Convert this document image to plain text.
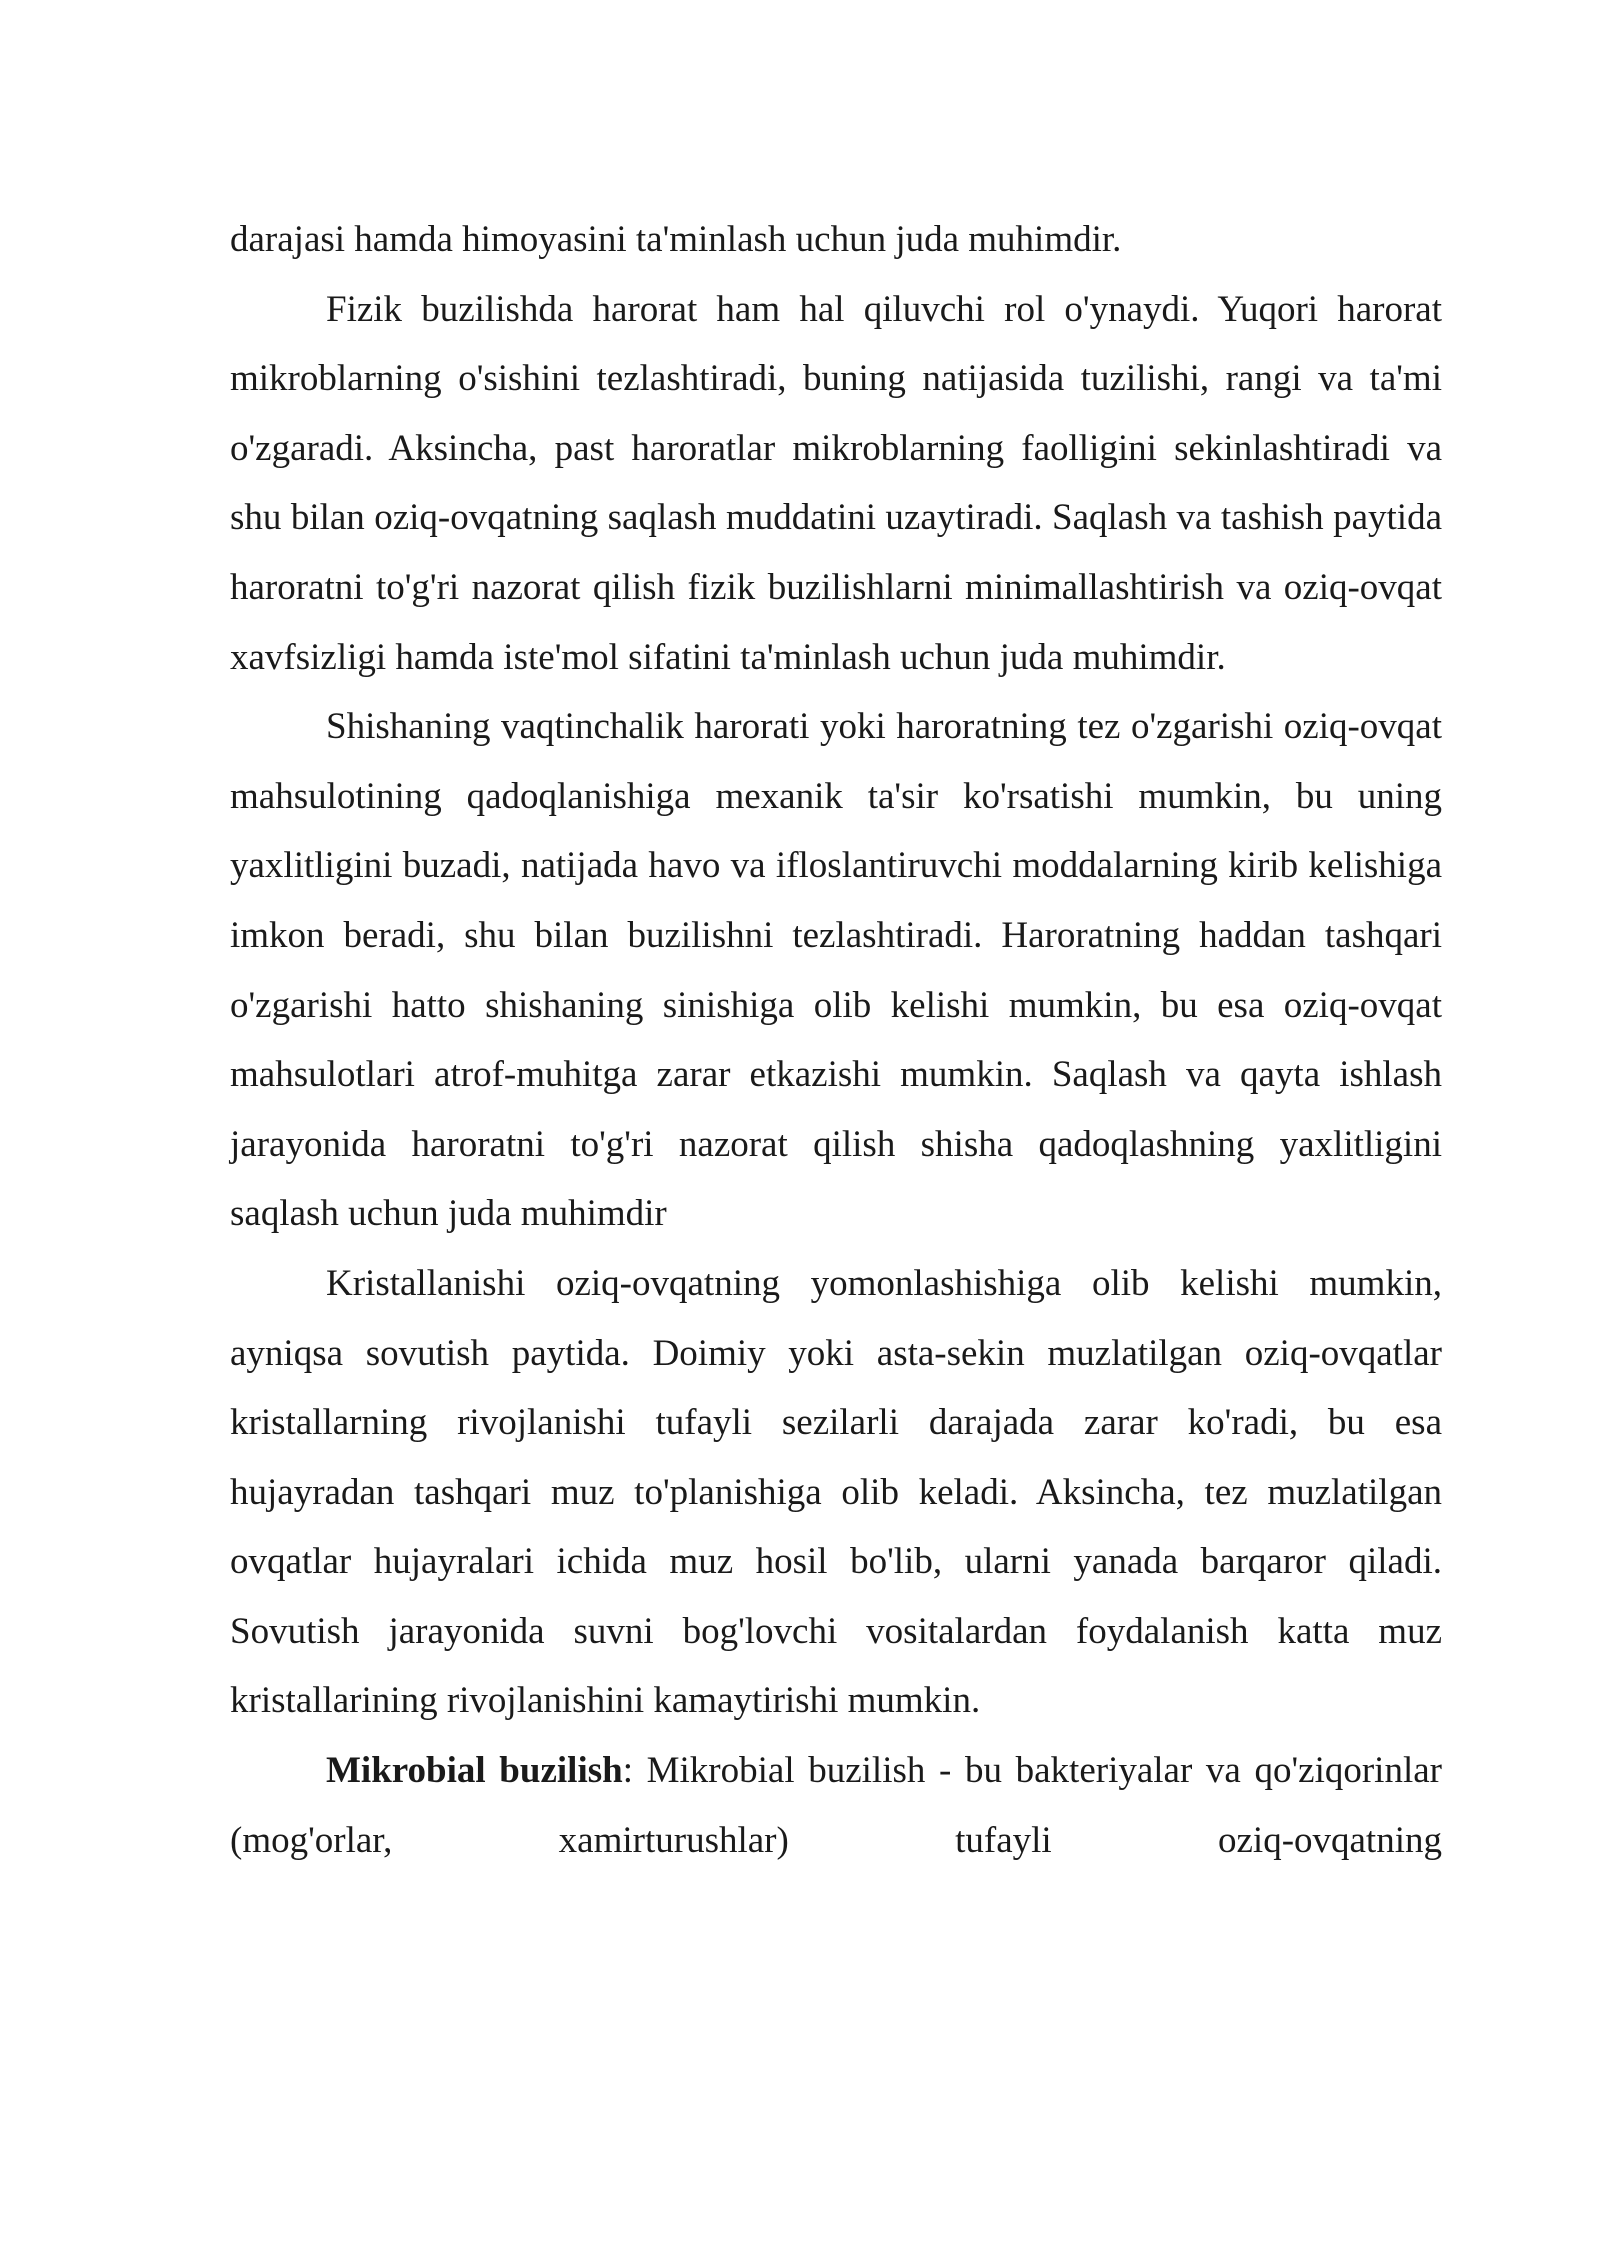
darajasi hamda himoyasini ta'minlash uchun juda muhimdir.

Fizik buzilishda harorat ham hal qiluvchi rol o'ynaydi. Yuqori harorat mikroblarning o'sishini tezlashtiradi, buning natijasida tuzilishi, rangi va ta'mi o'zgaradi. Aksincha, past haroratlar mikroblarning faolligini sekinlashtiradi va shu bilan oziq-ovqatning saqlash muddatini uzaytiradi. Saqlash va tashish paytida haroratni to'g'ri nazorat qilish fizik buzilishlarni minimallashtirish va oziq-ovqat xavfsizligi hamda iste'mol sifatini ta'minlash uchun juda muhimdir.

Shishaning vaqtinchalik harorati yoki haroratning tez o'zgarishi oziq-ovqat mahsulotining qadoqlanishiga mexanik ta'sir ko'rsatishi mumkin, bu uning yaxlitligini buzadi, natijada havo va ifloslantiruvchi moddalarning kirib kelishiga imkon beradi, shu bilan buzilishni tezlashtiradi. Haroratning haddan tashqari o'zgarishi hatto shishaning sinishiga olib kelishi mumkin, bu esa oziq-ovqat mahsulotlari atrof-muhitga zarar etkazishi mumkin. Saqlash va qayta ishlash jarayonida haroratni to'g'ri nazorat qilish shisha qadoqlashning yaxlitligini saqlash uchun juda muhimdir

Kristallanishi oziq-ovqatning yomonlashishiga olib kelishi mumkin, ayniqsa sovutish paytida. Doimiy yoki asta-sekin muzlatilgan oziq-ovqatlar kristallarning rivojlanishi tufayli sezilarli darajada zarar ko'radi, bu esa hujayradan tashqari muz to'planishiga olib keladi. Aksincha, tez muzlatilgan ovqatlar hujayralari ichida muz hosil bo'lib, ularni yanada barqaror qiladi. Sovutish jarayonida suvni bog'lovchi vositalardan foydalanish katta muz kristallarining rivojlanishini kamaytirishi mumkin.

Mikrobial buzilish: Mikrobial buzilish - bu bakteriyalar va qo'ziqorinlar (mog'orlar, xamirturushlar) tufayli oziq-ovqatning
